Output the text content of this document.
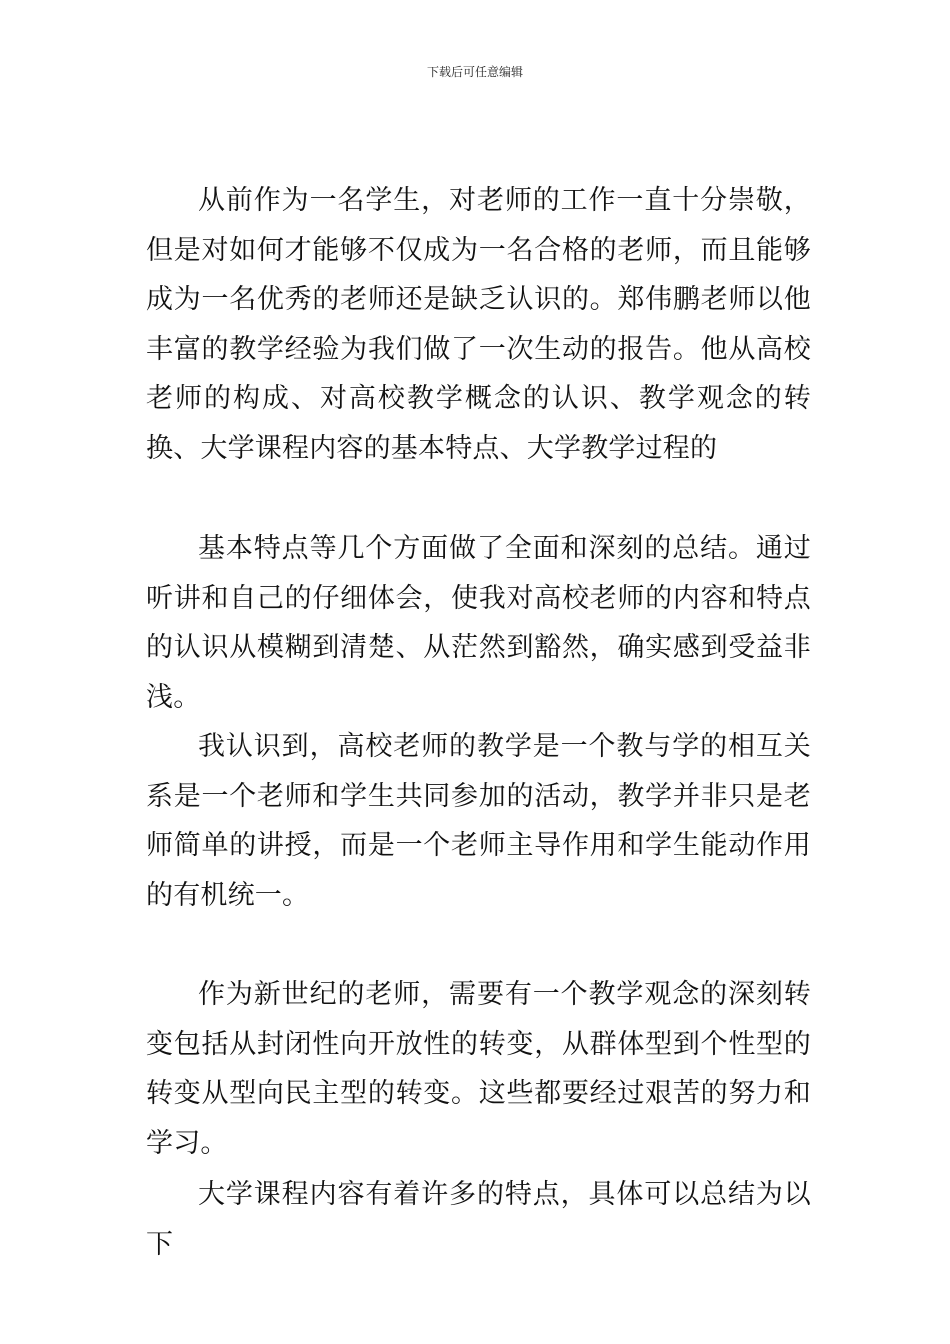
下载后可任意编辑

从前作为一名学生，对老师的工作一直十分崇敬，但是对如何才能够不仅成为一名合格的老师，而且能够成为一名优秀的老师还是缺乏认识的。郑伟鹏老师以他丰富的教学经验为我们做了一次生动的报告。他从高校老师的构成、对高校教学概念的认识、教学观念的转换、大学课程内容的基本特点、大学教学过程的

基本特点等几个方面做了全面和深刻的总结。通过听讲和自己的仔细体会，使我对高校老师的内容和特点的认识从模糊到清楚、从茫然到豁然，确实感到受益非浅。

我认识到，高校老师的教学是一个教与学的相互关系是一个老师和学生共同参加的活动，教学并非只是老师简单的讲授，而是一个老师主导作用和学生能动作用的有机统一。

作为新世纪的老师，需要有一个教学观念的深刻转变包括从封闭性向开放性的转变，从群体型到个性型的转变从型向民主型的转变。这些都要经过艰苦的努力和学习。

大学课程内容有着许多的特点，具体可以总结为以下
